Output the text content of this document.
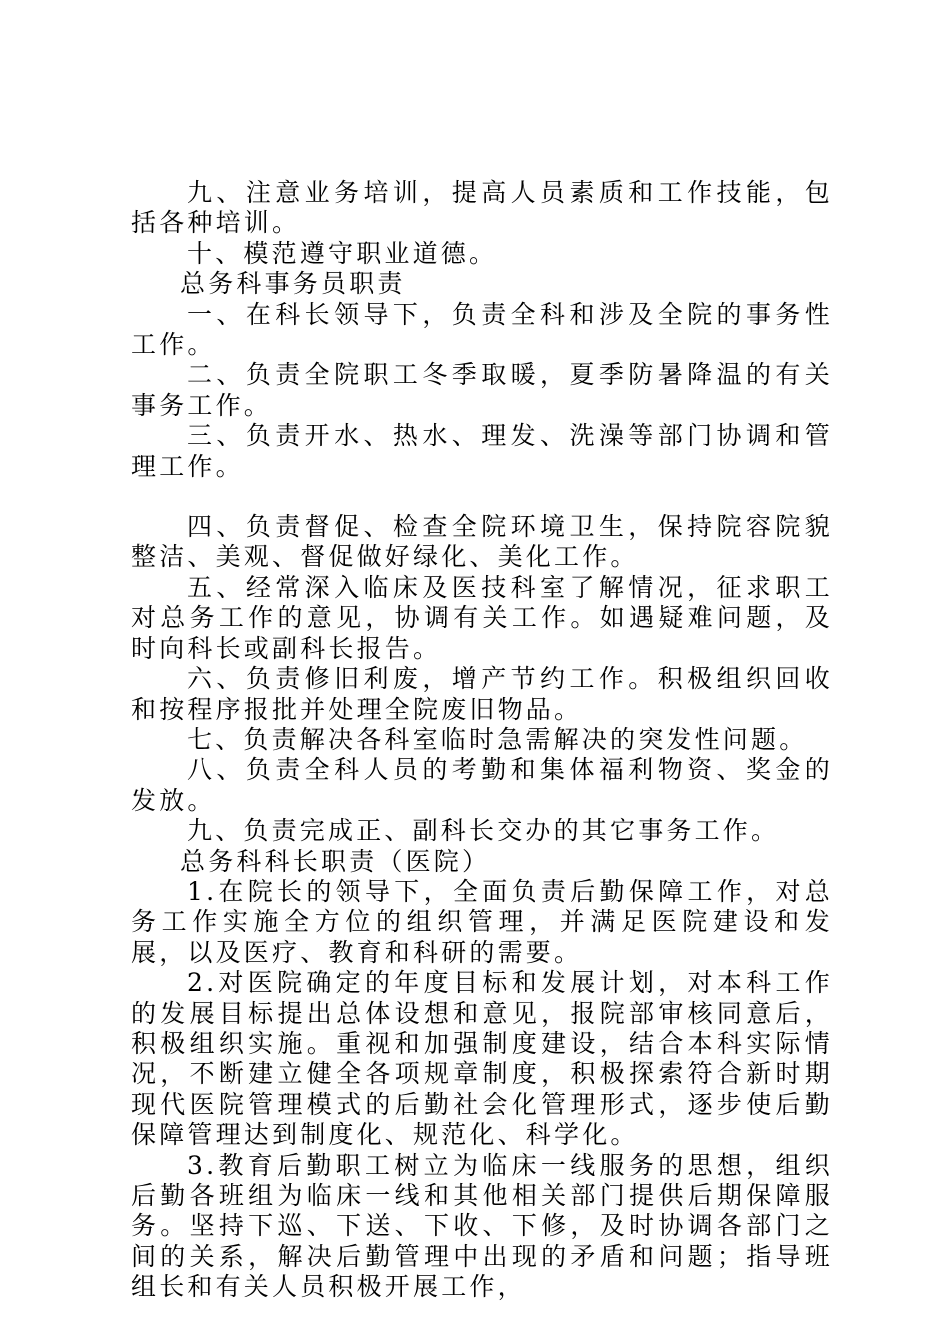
九、注意业务培训，提高人员素质和工作技能，包括各种培训。

十、模范遵守职业道德。

总务科事务员职责

一、在科长领导下，负责全科和涉及全院的事务性工作。

二、负责全院职工冬季取暖，夏季防暑降温的有关事务工作。

三、负责开水、热水、理发、洗澡等部门协调和管理工作。

四、负责督促、检查全院环境卫生，保持院容院貌整洁、美观、督促做好绿化、美化工作。

五、经常深入临床及医技科室了解情况，征求职工对总务工作的意见，协调有关工作。如遇疑难问题，及时向科长或副科长报告。

六、负责修旧利废，增产节约工作。积极组织回收和按程序报批并处理全院废旧物品。

七、负责解决各科室临时急需解决的突发性问题。

八、负责全科人员的考勤和集体福利物资、奖金的发放。

九、负责完成正、副科长交办的其它事务工作。

总务科科长职责（医院）

1.在院长的领导下，全面负责后勤保障工作，对总务工作实施全方位的组织管理，并满足医院建设和发展，以及医疗、教育和科研的需要。

2.对医院确定的年度目标和发展计划，对本科工作的发展目标提出总体设想和意见，报院部审核同意后，积极组织实施。重视和加强制度建设，结合本科实际情况，不断建立健全各项规章制度，积极探索符合新时期现代医院管理模式的后勤社会化管理形式，逐步使后勤保障管理达到制度化、规范化、科学化。

3.教育后勤职工树立为临床一线服务的思想，组织后勤各班组为临床一线和其他相关部门提供后期保障服务。坚持下巡、下送、下收、下修，及时协调各部门之间的关系，解决后勤管理中出现的矛盾和问题；指导班组长和有关人员积极开展工作，
